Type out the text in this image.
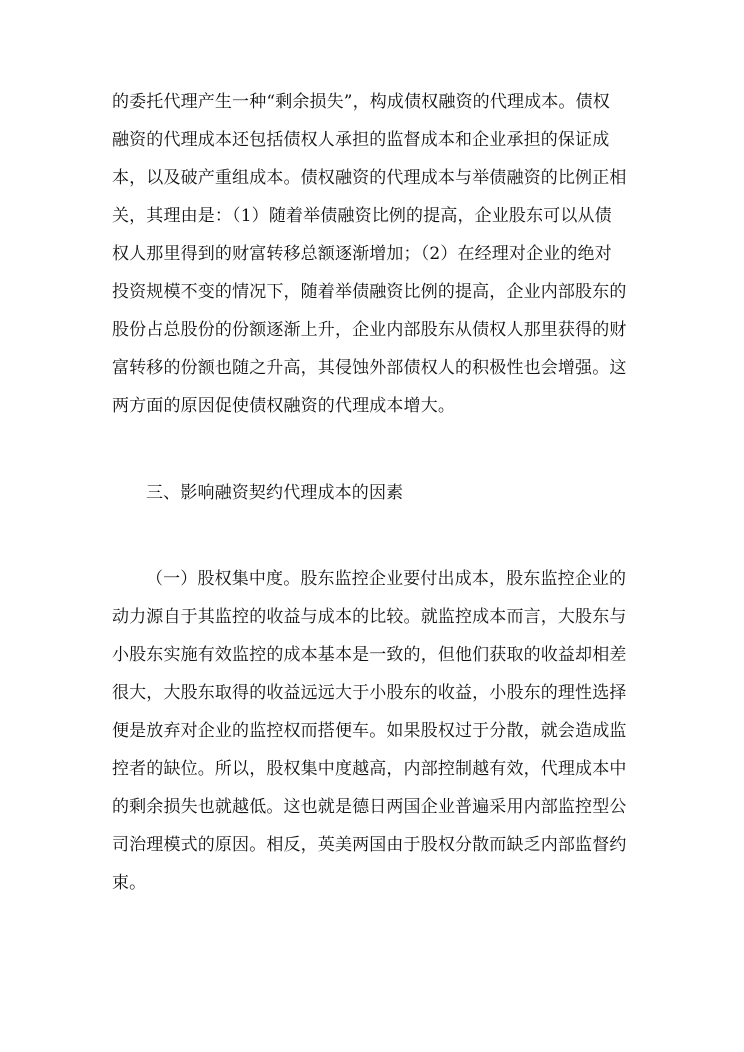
的委托代理产生一种“剩余损失”，构成债权融资的代理成本。债权
融资的代理成本还包括债权人承担的监督成本和企业承担的保证成
本，以及破产重组成本。债权融资的代理成本与举债融资的比例正相
关，其理由是：（1）随着举债融资比例的提高，企业股东可以从债
权人那里得到的财富转移总额逐渐增加；（2）在经理对企业的绝对
投资规模不变的情况下，随着举债融资比例的提高，企业内部股东的
股份占总股份的份额逐渐上升，企业内部股东从债权人那里获得的财
富转移的份额也随之升高，其侵蚀外部债权人的积极性也会增强。这
两方面的原因促使债权融资的代理成本增大。
三、影响融资契约代理成本的因素
（一）股权集中度。股东监控企业要付出成本，股东监控企业的
动力源自于其监控的收益与成本的比较。就监控成本而言，大股东与
小股东实施有效监控的成本基本是一致的，但他们获取的收益却相差
很大，大股东取得的收益远远大于小股东的收益，小股东的理性选择
便是放弃对企业的监控权而搭便车。如果股权过于分散，就会造成监
控者的缺位。所以，股权集中度越高，内部控制越有效，代理成本中
的剩余损失也就越低。这也就是德日两国企业普遍采用内部监控型公
司治理模式的原因。相反，英美两国由于股权分散而缺乏内部监督约
束。
